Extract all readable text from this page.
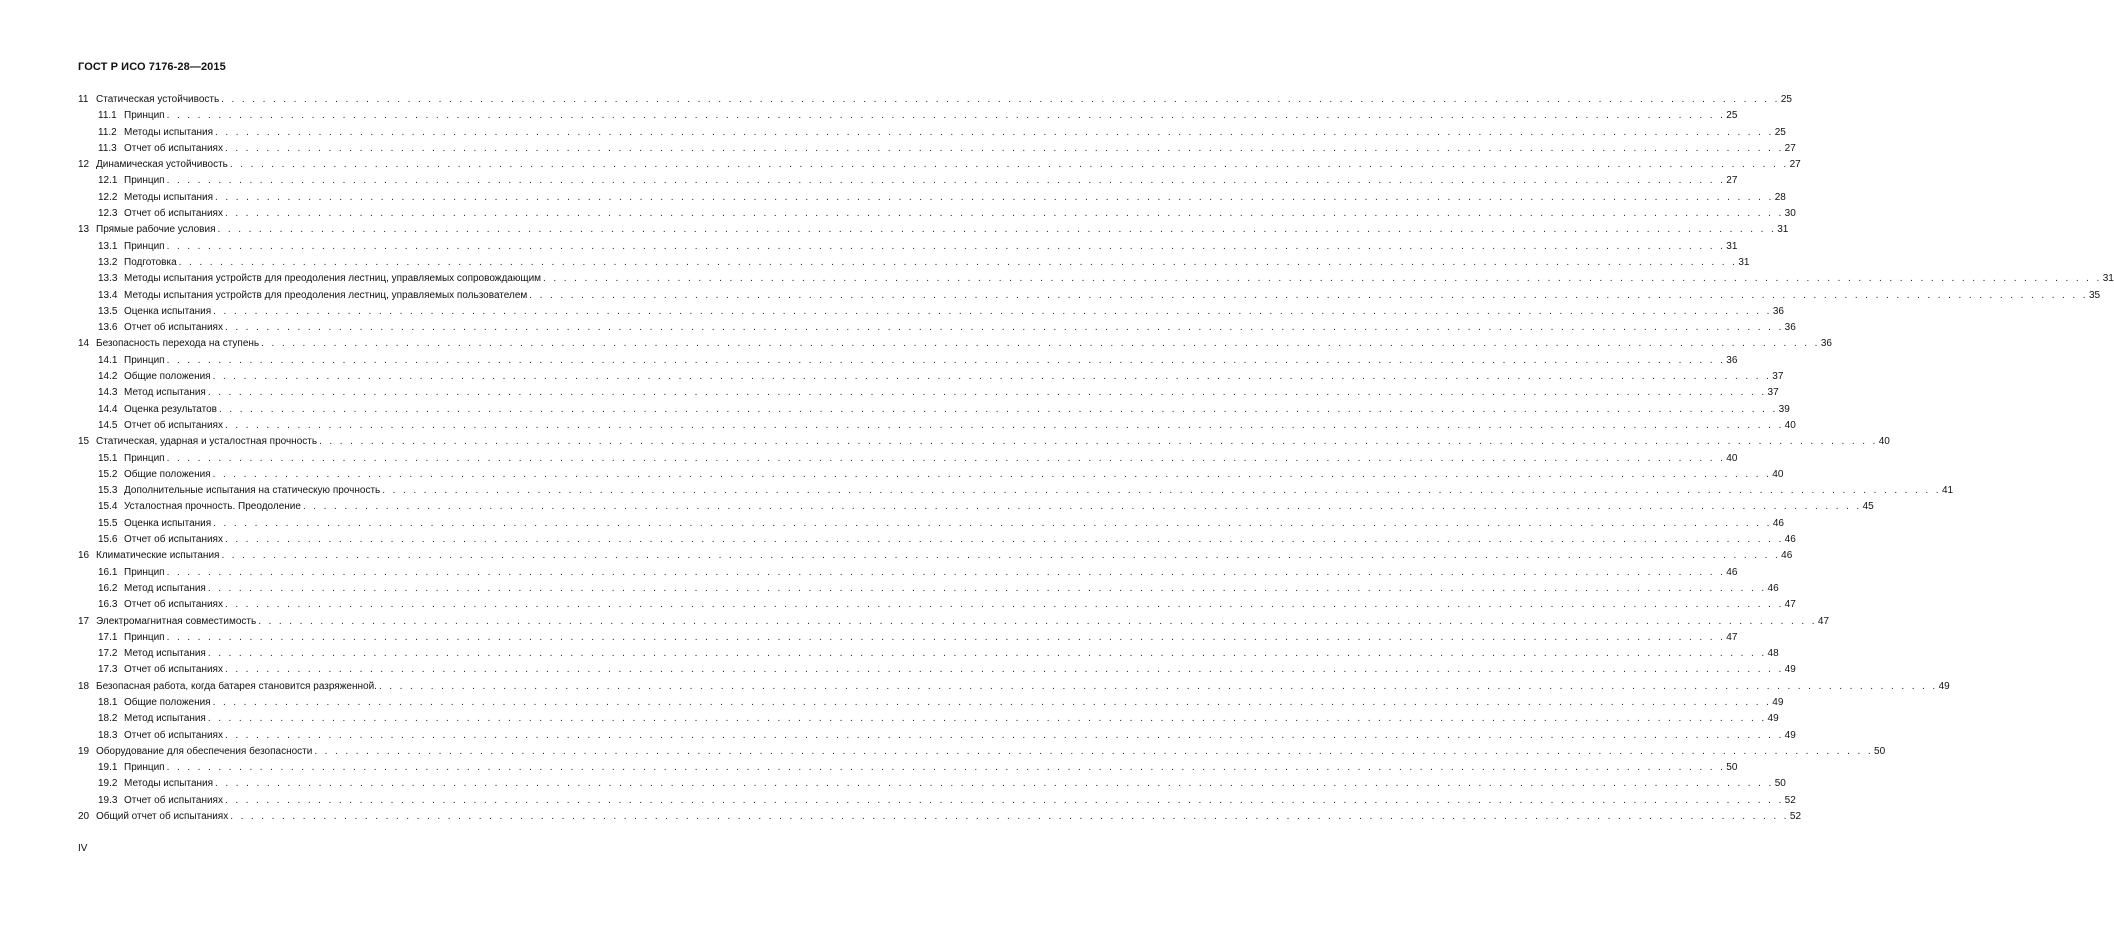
ГОСТ Р ИСО 7176-28—2015
11 Статическая устойчивость . . .	25
11.1 Принцип . . .	25
11.2 Методы испытания . . .	25
11.3 Отчет об испытаниях . . .	27
12 Динамическая устойчивость . . .	27
12.1 Принцип . . .	27
12.2 Методы испытания . . .	28
12.3 Отчет об испытаниях . . .	30
13 Прямые рабочие условия . . .	31
13.1 Принцип . . .	31
13.2 Подготовка . . .	31
13.3 Методы испытания устройств для преодоления лестниц, управляемых сопровождающим . . .	31
13.4 Методы испытания устройств для преодоления лестниц, управляемых пользователем . . .	35
13.5 Оценка испытания . . .	36
13.6 Отчет об испытаниях . . .	36
14 Безопасность перехода на ступень . . .	36
14.1 Принцип . . .	36
14.2 Общие положения . . .	37
14.3 Метод испытания . . .	37
14.4 Оценка результатов . . .	39
14.5 Отчет об испытаниях . . .	40
15 Статическая, ударная и усталостная прочность . . .	40
15.1 Принцип . . .	40
15.2 Общие положения . . .	40
15.3 Дополнительные испытания на статическую прочность . . .	41
15.4 Усталостная прочность. Преодоление . . .	45
15.5 Оценка испытания . . .	46
15.6 Отчет об испытаниях . . .	46
16 Климатические испытания . . .	46
16.1 Принцип . . .	46
16.2 Метод испытания . . .	46
16.3 Отчет об испытаниях . . .	47
17 Электромагнитная совместимость . . .	47
17.1 Принцип . . .	47
17.2 Метод испытания . . .	48
17.3 Отчет об испытаниях . . .	49
18 Безопасная работа, когда батарея становится разряженной. . . .	49
18.1 Общие положения . . .	49
18.2 Метод испытания . . .	49
18.3 Отчет об испытаниях . . .	49
19 Оборудование для обеспечения безопасности . . .	50
19.1 Принцип . . .	50
19.2 Методы испытания . . .	50
19.3 Отчет об испытаниях . . .	52
20 Общий отчет об испытаниях . . .	52
IV
